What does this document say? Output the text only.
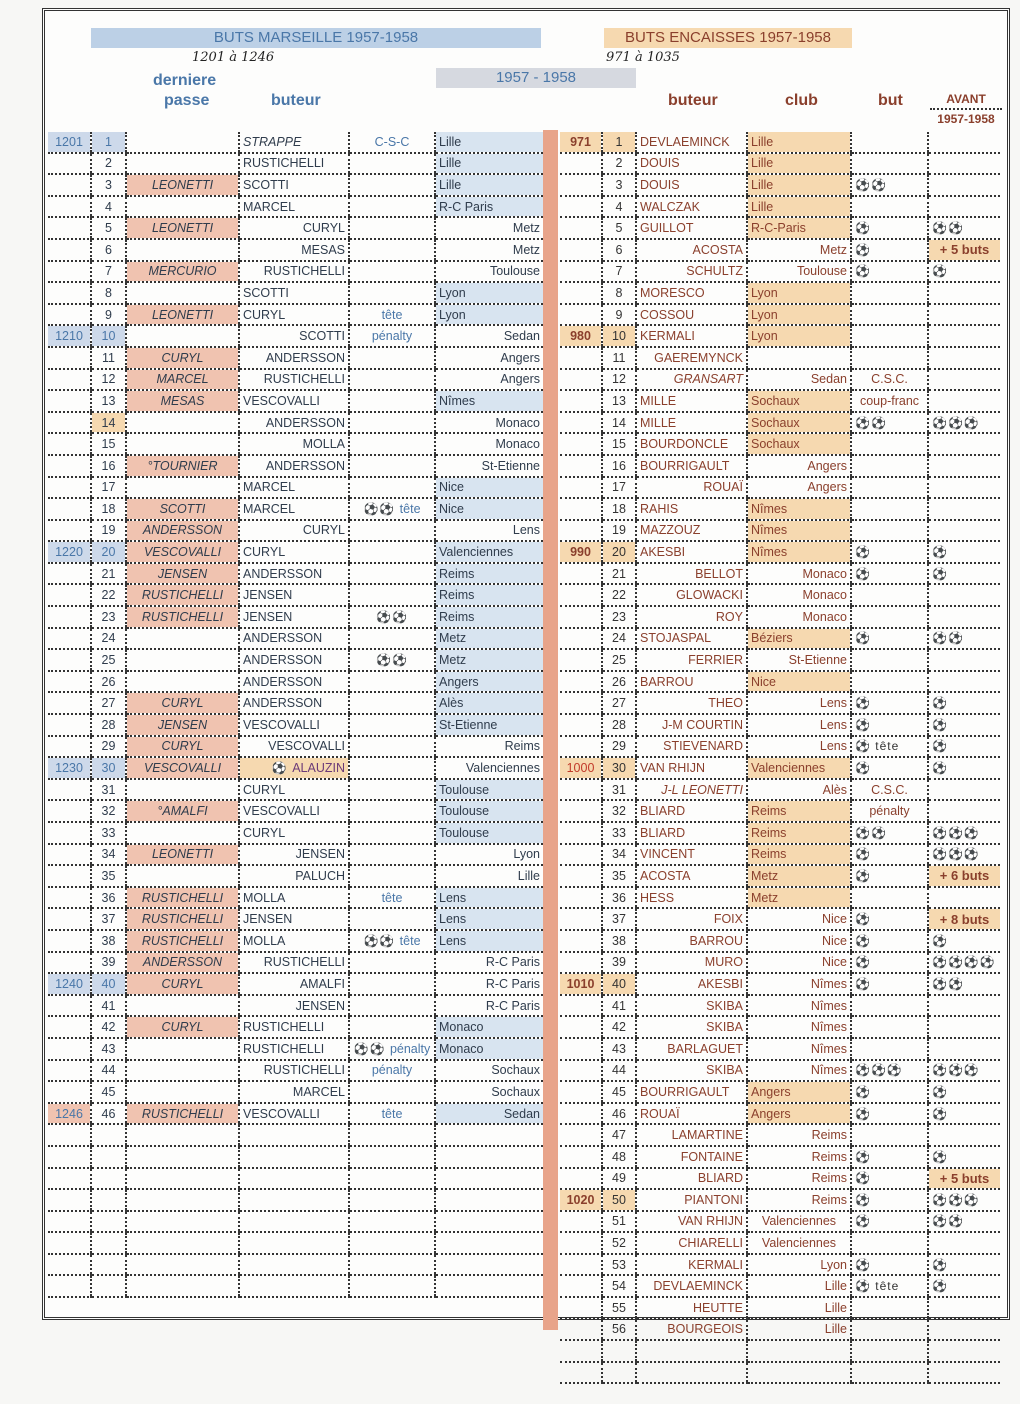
BUTS MARSEILLE 1957-1958
1201 à 1246
BUTS ENCAISSES 1957-1958
971 à 1035
1957 - 1958
derniere
passe	buteur	buteur	club	but	AVANT
1957-1958
1201	1		STRAPPE	C-S-C	Lille
	2		RUSTICHELLI		Lille
	3	LEONETTI	SCOTTI		Lille
	4		MARCEL		R-C Paris
	5	LEONETTI	CURYL		Metz
	6		MESAS		Metz
	7	MERCURIO	RUSTICHELLI		Toulouse
	8		SCOTTI		Lyon
	9	LEONETTI	CURYL	tête	Lyon
1210	10		SCOTTI	pénalty	Sedan
	11	CURYL	ANDERSSON		Angers
	12	MARCEL	RUSTICHELLI		Angers
	13	MESAS	VESCOVALLI		Nîmes
	14		ANDERSSON		Monaco
	15		MOLLA		Monaco
	16	°TOURNIER	ANDERSSON		St-Etienne
	17		MARCEL		Nice
	18	SCOTTI	MARCEL	⚽⚽ tête	Nice
	19	ANDERSSON	CURYL		Lens
1220	20	VESCOVALLI	CURYL		Valenciennes
	21	JENSEN	ANDERSSON		Reims
	22	RUSTICHELLI	JENSEN		Reims
	23	RUSTICHELLI	JENSEN	⚽⚽	Reims
	24		ANDERSSON		Metz
	25		ANDERSSON	⚽⚽	Metz
	26		ANDERSSON		Angers
	27	CURYL	ANDERSSON		Alès
	28	JENSEN	VESCOVALLI		St-Etienne
	29	CURYL	VESCOVALLI		Reims
1230	30	VESCOVALLI	⚽ ALAUZIN		Valenciennes
	31		CURYL		Toulouse
	32	°AMALFI	VESCOVALLI		Toulouse
	33		CURYL		Toulouse
	34	LEONETTI	JENSEN		Lyon
	35		PALUCH		Lille
	36	RUSTICHELLI	MOLLA	tête	Lens
	37	RUSTICHELLI	JENSEN		Lens
	38	RUSTICHELLI	MOLLA	⚽⚽ tête	Lens
	39	ANDERSSON	RUSTICHELLI		R-C Paris
1240	40	CURYL	AMALFI		R-C Paris
	41		JENSEN		R-C Paris
	42	CURYL	RUSTICHELLI		Monaco
	43		RUSTICHELLI	⚽⚽ pénalty	Monaco
	44		RUSTICHELLI	pénalty	Sochaux
	45		MARCEL		Sochaux
1246	46	RUSTICHELLI	VESCOVALLI	tête	Sedan

971	1	DEVLAEMINCK	Lille		
	2	DOUIS	Lille		
	3	DOUIS	Lille	⚽⚽	
	4	WALCZAK	Lille		
	5	GUILLOT	R-C-Paris	⚽	⚽⚽
	6	ACOSTA	Metz	⚽	+ 5 buts
	7	SCHULTZ	Toulouse	⚽	⚽
	8	MORESCO	Lyon		
	9	COSSOU	Lyon		
980	10	KERMALI	Lyon		
	11	GAEREMYNCK			
	12	GRANSART	Sedan	C.S.C.	
	13	MILLE	Sochaux	coup-franc	
	14	MILLE	Sochaux	⚽⚽	⚽⚽⚽
	15	BOURDONCLE	Sochaux		
	16	BOURRIGAULT	Angers		
	17	ROUAÏ	Angers		
	18	RAHIS	Nîmes		
	19	MAZZOUZ	Nîmes		
990	20	AKESBI	Nîmes	⚽	⚽
	21	BELLOT	Monaco	⚽	⚽
	22	GLOWACKI	Monaco		
	23	ROY	Monaco		
	24	STOJASPAL	Béziers	⚽	⚽⚽
	25	FERRIER	St-Etienne		
	26	BARROU	Nice		
	27	THEO	Lens	⚽	⚽
	28	J-M COURTIN	Lens	⚽	⚽
	29	STIEVENARD	Lens	⚽ tête	⚽
1000	30	VAN RHIJN	Valenciennes	⚽	⚽
	31	J-L LEONETTI	Alès	C.S.C.	
	32	BLIARD	Reims	pénalty	
	33	BLIARD	Reims	⚽⚽	⚽⚽⚽
	34	VINCENT	Reims	⚽	⚽⚽⚽
	35	ACOSTA	Metz	⚽	+ 6 buts
	36	HESS	Metz		
	37	FOIX	Nice	⚽	+ 8 buts
	38	BARROU	Nice	⚽	⚽
	39	MURO	Nice	⚽	⚽⚽⚽⚽
1010	40	AKESBI	Nîmes	⚽	⚽⚽
	41	SKIBA	Nîmes		
	42	SKIBA	Nîmes		
	43	BARLAGUET	Nîmes		
	44	SKIBA	Nîmes	⚽⚽⚽	⚽⚽⚽
	45	BOURRIGAULT	Angers	⚽	⚽
	46	ROUAÏ	Angers	⚽	⚽
	47	LAMARTINE	Reims		
	48	FONTAINE	Reims	⚽	⚽
	49	BLIARD	Reims	⚽	+ 5 buts
1020	50	PIANTONI	Reims	⚽	⚽⚽⚽
	51	VAN RHIJN	Valenciennes	⚽	⚽⚽
	52	CHIARELLI	Valenciennes		
	53	KERMALI	Lyon	⚽	⚽
	54	DEVLAEMINCK	Lille	⚽ tête	⚽
	55	HEUTTE	Lille		
	56	BOURGEOIS	Lille		
